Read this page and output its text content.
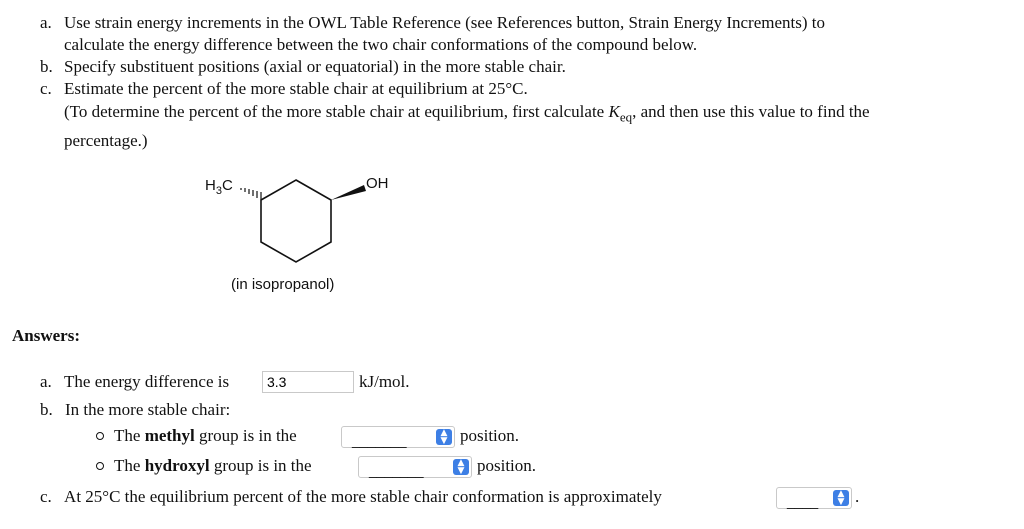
a. Use strain energy increments in the OWL Table Reference (see References button, Strain Energy Increments) to
calculate the energy difference between the two chair conformations of the compound below.
b. Specify substituent positions (axial or equatorial) in the more stable chair.
c. Estimate the percent of the more stable chair at equilibrium at 25°C.
(To determine the percent of the more stable chair at equilibrium, first calculate $K_{eq}$, and then use this value to find the
percentage.)
$H_3C$	OH
(in isopropanol)
Answers:
a. The energy difference is
3.3	kJ/mol.
b. In the more stable chair:
The methyl group is in the	_______	▲
▼ position.
The hydroxyl group is in the	_______	▲
▼ position.
c. At 25°C the equilibrium percent of the more stable chair conformation is approximately	____	▲
▼ .
